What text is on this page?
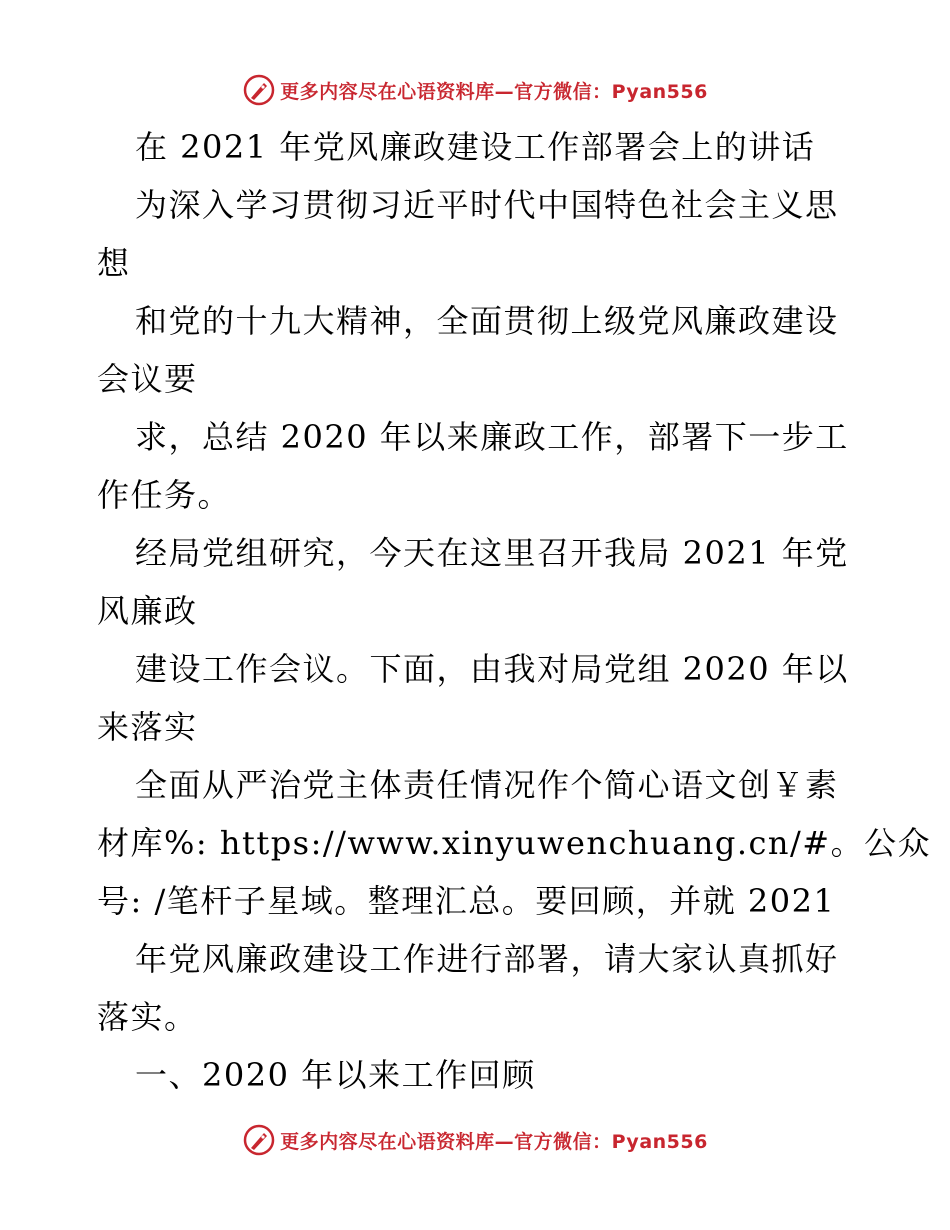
更多内容尽在心语资料库—官方微信：Pyan556
在 2021 年党风廉政建设工作部署会上的讲话
为深入学习贯彻习近平时代中国特色社会主义思
想
和党的十九大精神，全面贯彻上级党风廉政建设
会议要
求，总结 2020 年以来廉政工作，部署下一步工
作任务。
经局党组研究，今天在这里召开我局 2021 年党
风廉政
建设工作会议。下面，由我对局党组 2020 年以
来落实
全面从严治党主体责任情况作个简心语文创￥素
材库%: https://www.xinyuwenchuang.cn/#。公众
号: /笔杆子星域。整理汇总。要回顾，并就 2021
年党风廉政建设工作进行部署，请大家认真抓好
落实。
一、2020 年以来工作回顾
更多内容尽在心语资料库—官方微信：Pyan556
